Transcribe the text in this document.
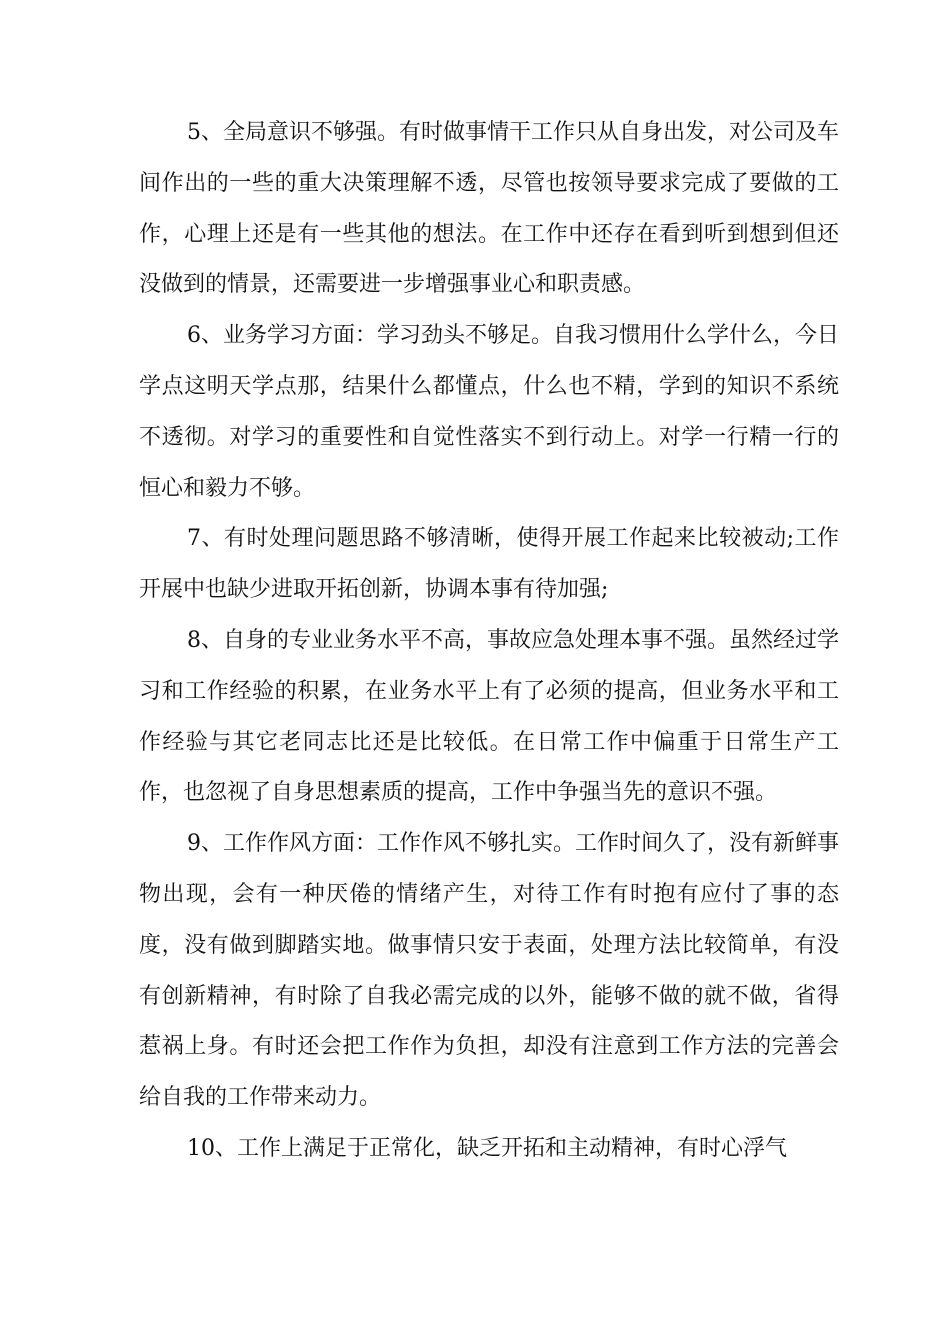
5、全局意识不够强。有时做事情干工作只从自身出发，对公司及车间作出的一些的重大决策理解不透，尽管也按领导要求完成了要做的工作，心理上还是有一些其他的想法。在工作中还存在看到听到想到但还没做到的情景，还需要进一步增强事业心和职责感。

6、业务学习方面：学习劲头不够足。自我习惯用什么学什么，今日学点这明天学点那，结果什么都懂点，什么也不精，学到的知识不系统不透彻。对学习的重要性和自觉性落实不到行动上。对学一行精一行的恒心和毅力不够。

7、有时处理问题思路不够清晰，使得开展工作起来比较被动;工作开展中也缺少进取开拓创新，协调本事有待加强;

8、自身的专业业务水平不高，事故应急处理本事不强。虽然经过学习和工作经验的积累，在业务水平上有了必须的提高，但业务水平和工作经验与其它老同志比还是比较低。在日常工作中偏重于日常生产工作，也忽视了自身思想素质的提高，工作中争强当先的意识不强。

9、工作作风方面：工作作风不够扎实。工作时间久了，没有新鲜事物出现，会有一种厌倦的情绪产生，对待工作有时抱有应付了事的态度，没有做到脚踏实地。做事情只安于表面，处理方法比较简单，有没有创新精神，有时除了自我必需完成的以外，能够不做的就不做，省得惹祸上身。有时还会把工作作为负担，却没有注意到工作方法的完善会给自我的工作带来动力。

10、工作上满足于正常化，缺乏开拓和主动精神，有时心浮气
